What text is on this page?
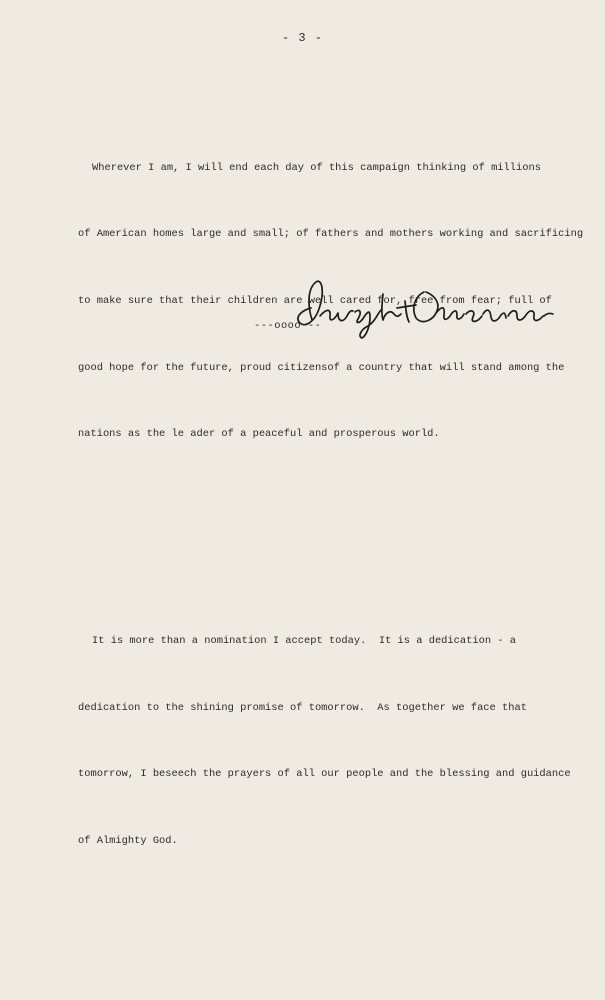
- 3 -

Wherever I am, I will end each day of this campaign thinking of millions

of American homes large and small; of fathers and mothers working and sacrificing

to make sure that their children are well cared for, free from fear; full of

good hope for the future, proud citizensof a country that will stand among the

nations as the le ader of a peaceful and prosperous world.

It is more than a nomination I accept today.  It is a dedication - a

dedication to the shining promise of tomorrow.  As together we face that

tomorrow, I beseech the prayers of all our people and the blessing and guidance

of Almighty God.

---oooo---
